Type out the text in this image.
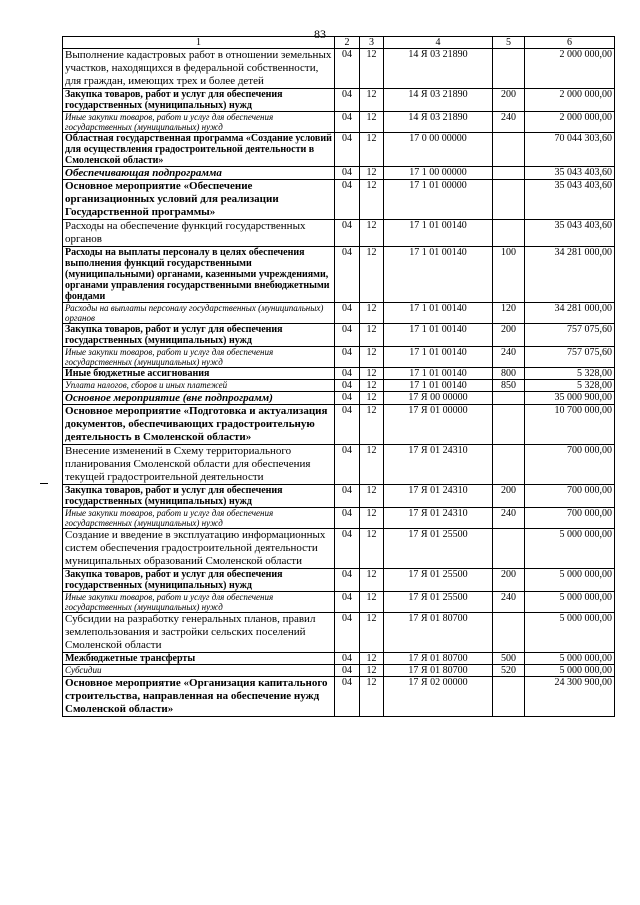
83
1	2	3	4	5	6
Выполнение кадастровых работ в отношении земельных участков, находящихся в федеральной собственности, для граждан, имеющих трех и более детей	04	12	14 Я 03 21890		2 000 000,00
Закупка товаров, работ и услуг для обеспечения государственных (муниципальных) нужд	04	12	14 Я 03 21890	200	2 000 000,00
Иные закупки товаров, работ и услуг для обеспечения государственных (муниципальных) нужд	04	12	14 Я 03 21890	240	2 000 000,00
Областная государственная программа «Создание условий для осуществления градостроительной деятельности в Смоленской области»	04	12	17 0 00 00000		70 044 303,60
Обеспечивающая подпрограмма	04	12	17 1 00 00000		35 043 403,60
Основное мероприятие «Обеспечение организационных условий для реализации Государственной программы»	04	12	17 1 01 00000		35 043 403,60
Расходы на обеспечение функций государственных органов	04	12	17 1 01 00140		35 043 403,60
Расходы на выплаты персоналу в целях обеспечения выполнения функций государственными (муниципальными) органами, казенными учреждениями, органами управления государственными внебюджетными фондами	04	12	17 1 01 00140	100	34 281 000,00
Расходы на выплаты персоналу государственных (муниципальных) органов	04	12	17 1 01 00140	120	34 281 000,00
Закупка товаров, работ и услуг для обеспечения государственных (муниципальных) нужд	04	12	17 1 01 00140	200	757 075,60
Иные закупки товаров, работ и услуг для обеспечения государственных (муниципальных) нужд	04	12	17 1 01 00140	240	757 075,60
Иные бюджетные ассигнования	04	12	17 1 01 00140	800	5 328,00
Уплата налогов, сборов и иных платежей	04	12	17 1 01 00140	850	5 328,00
Основное мероприятие (вне подпрограмм)	04	12	17 Я 00 00000		35 000 900,00
Основное мероприятие «Подготовка и актуализация документов, обеспечивающих градостроительную деятельность в Смоленской области»	04	12	17 Я 01 00000		10 700 000,00
Внесение изменений в Схему территориального планирования Смоленской области для обеспечения текущей градостроительной деятельности	04	12	17 Я 01 24310		700 000,00
Закупка товаров, работ и услуг для обеспечения государственных (муниципальных) нужд	04	12	17 Я 01 24310	200	700 000,00
Иные закупки товаров, работ и услуг для обеспечения государственных (муниципальных) нужд	04	12	17 Я 01 24310	240	700 000,00
Создание и введение в эксплуатацию информационных систем обеспечения градостроительной деятельности муниципальных образований Смоленской области	04	12	17 Я 01 25500		5 000 000,00
Закупка товаров, работ и услуг для обеспечения государственных (муниципальных) нужд	04	12	17 Я 01 25500	200	5 000 000,00
Иные закупки товаров, работ и услуг для обеспечения государственных (муниципальных) нужд	04	12	17 Я 01 25500	240	5 000 000,00
Субсидии на разработку генеральных планов, правил землепользования и застройки сельских поселений Смоленской области	04	12	17 Я 01 80700		5 000 000,00
Межбюджетные трансферты	04	12	17 Я 01 80700	500	5 000 000,00
Субсидии	04	12	17 Я 01 80700	520	5 000 000,00
Основное мероприятие «Организация капитального строительства, направленная на обеспечение нужд Смоленской области»	04	12	17 Я 02 00000		24 300 900,00
